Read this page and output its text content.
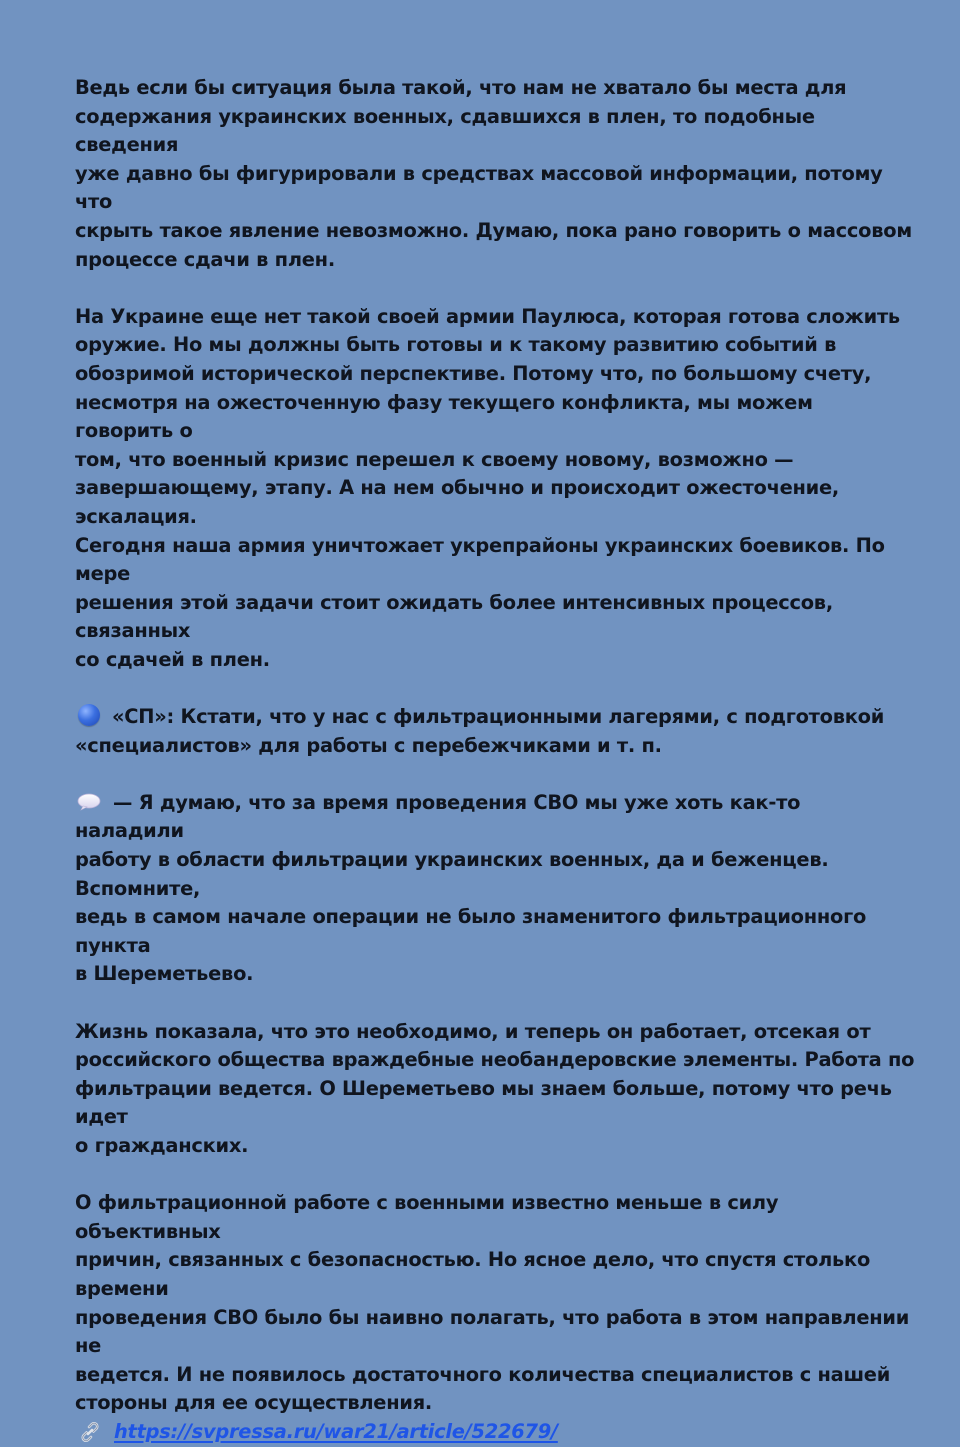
Ведь если бы ситуация была такой, что нам не хватало бы места для
содержания украинских военных, сдавшихся в плен, то подобные сведения
уже давно бы фигурировали в средствах массовой информации, потому что
скрыть такое явление невозможно. Думаю, пока рано говорить о массовом
процессе сдачи в плен.

На Украине еще нет такой своей армии Паулюса, которая готова сложить
оружие. Но мы должны быть готовы и к такому развитию событий в
обозримой исторической перспективе. Потому что, по большому счету,
несмотря на ожесточенную фазу текущего конфликта, мы можем говорить о
том, что военный кризис перешел к своему новому, возможно —
завершающему, этапу. А на нем обычно и происходит ожесточение, эскалация.
Сегодня наша армия уничтожает укрепрайоны украинских боевиков. По мере
решения этой задачи стоит ожидать более интенсивных процессов, связанных
со сдачей в плен.

«СП»: Кстати, что у нас с фильтрационными лагерями, с подготовкой
«специалистов» для работы с перебежчиками и т. п.

— Я думаю, что за время проведения СВО мы уже хоть как-то наладили
работу в области фильтрации украинских военных, да и беженцев. Вспомните,
ведь в самом начале операции не было знаменитого фильтрационного пункта
в Шереметьево.

Жизнь показала, что это необходимо, и теперь он работает, отсекая от
российского общества враждебные необандеровские элементы. Работа по
фильтрации ведется. О Шереметьево мы знаем больше, потому что речь идет
о гражданских.

О фильтрационной работе с военными известно меньше в силу объективных
причин, связанных с безопасностью. Но ясное дело, что спустя столько времени
проведения СВО было бы наивно полагать, что работа в этом направлении не
ведется. И не появилось достаточного количества специалистов с нашей
стороны для ее осуществления.

https://svpressa.ru/war21/article/522679/
